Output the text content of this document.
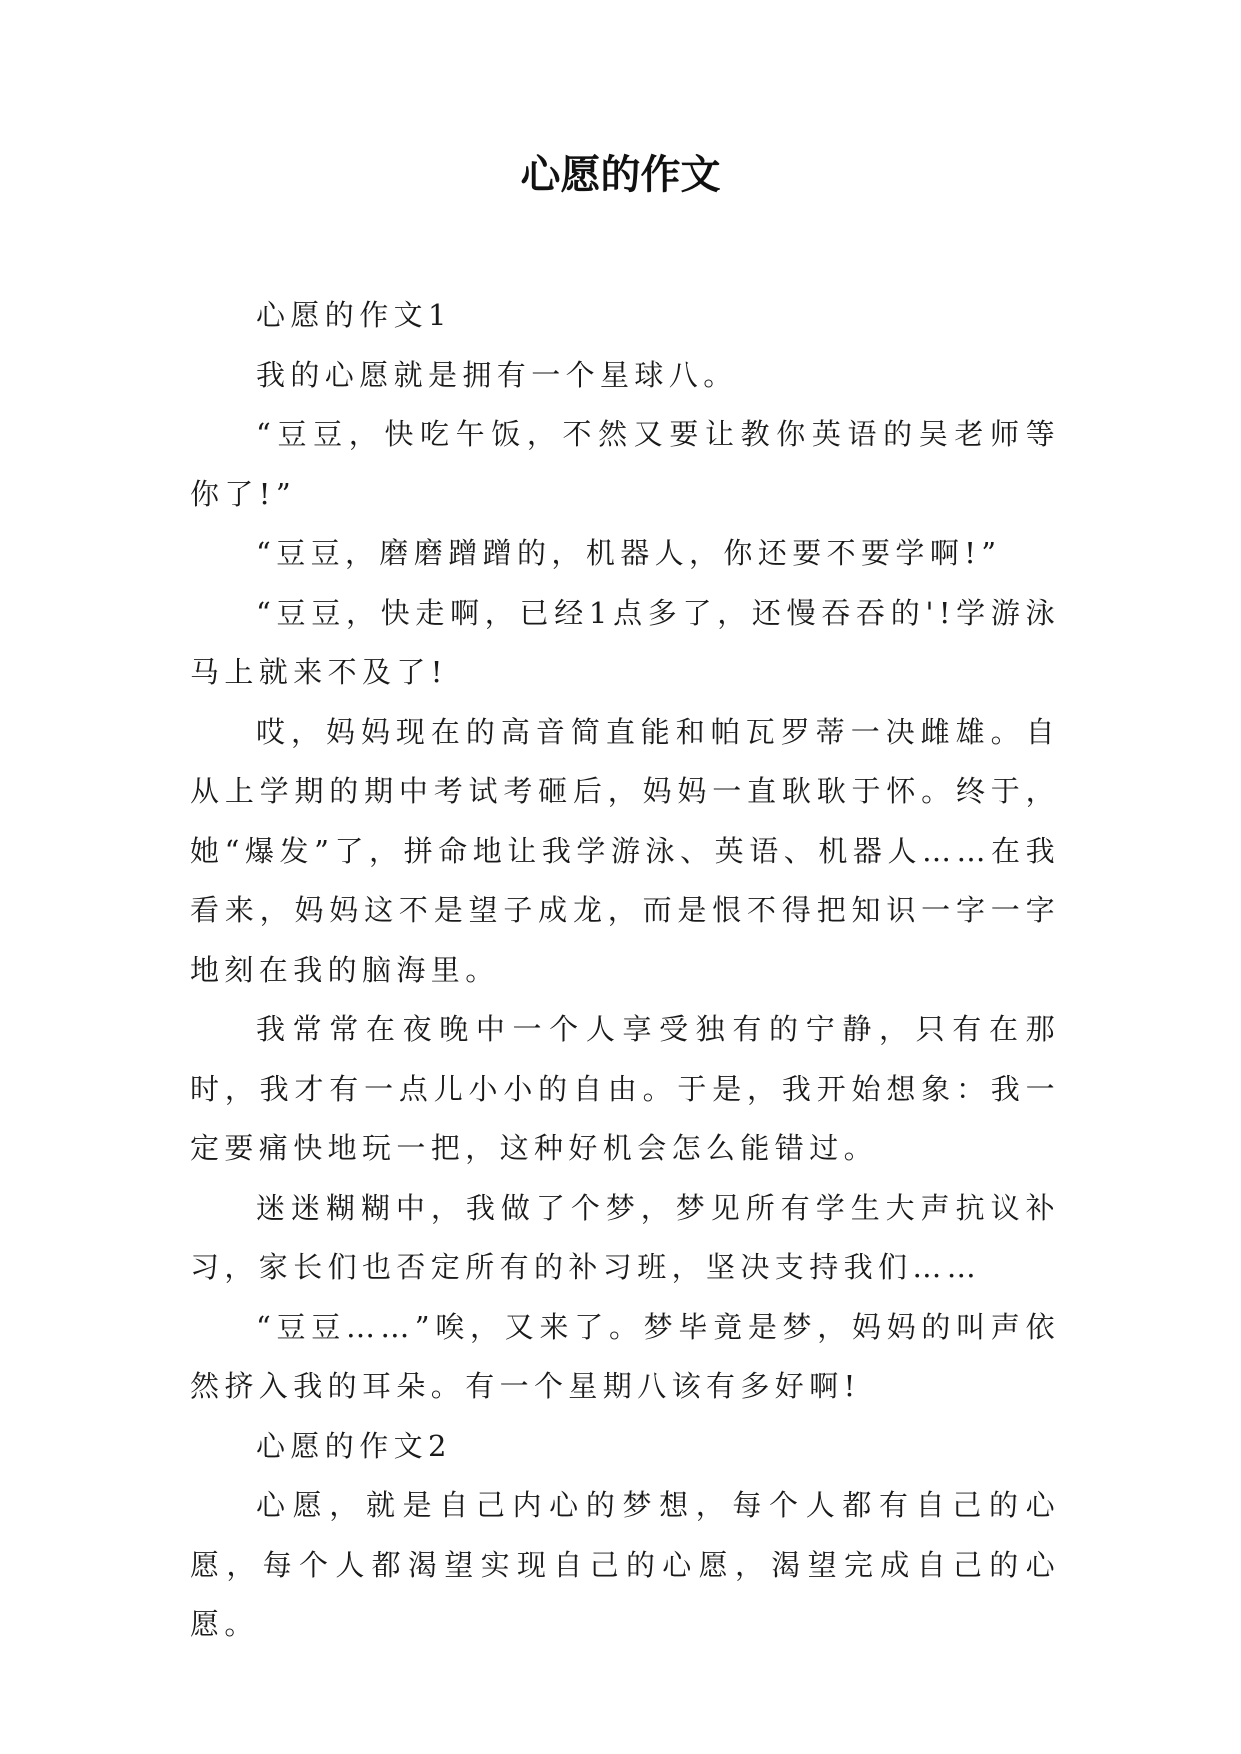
心愿的作文

心愿的作文1

我的心愿就是拥有一个星球八。

“豆豆，快吃午饭，不然又要让教你英语的吴老师等你了!”

“豆豆，磨磨蹭蹭的，机器人，你还要不要学啊!”

“豆豆，快走啊，已经1点多了，还慢吞吞的'!学游泳马上就来不及了!

哎，妈妈现在的高音简直能和帕瓦罗蒂一决雌雄。自从上学期的期中考试考砸后，妈妈一直耿耿于怀。终于，她“爆发”了，拼命地让我学游泳、英语、机器人……在我看来，妈妈这不是望子成龙，而是恨不得把知识一字一字地刻在我的脑海里。

我常常在夜晚中一个人享受独有的宁静，只有在那时，我才有一点儿小小的自由。于是，我开始想象：我一定要痛快地玩一把，这种好机会怎么能错过。

迷迷糊糊中，我做了个梦，梦见所有学生大声抗议补习，家长们也否定所有的补习班，坚决支持我们……

“豆豆……”唉，又来了。梦毕竟是梦，妈妈的叫声依然挤入我的耳朵。有一个星期八该有多好啊!

心愿的作文2

心愿，就是自己内心的梦想，每个人都有自己的心愿，每个人都渴望实现自己的心愿，渴望完成自己的心愿。
